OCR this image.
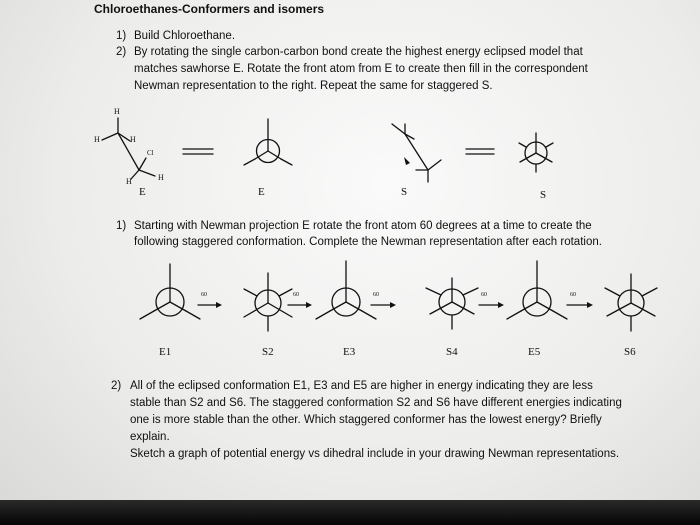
Chloroethanes-Conformers and isomers
1) Build Chloroethane.
2) By rotating the single carbon-carbon bond create the highest energy eclipsed model that
matches sawhorse E. Rotate the front atom from E to create then fill in the correspondent
Newman representation to the right. Repeat the same for staggered S.
H
H	H
Cl
H	H
E	E	S	S
1) Starting with Newman projection E rotate the front atom 60 degrees at a time to create the
following staggered conformation. Complete the Newman representation after each rotation.
60	60	60	60	60
E1	S2	E3	S4	E5	S6
2) All of the eclipsed conformation E1, E3 and E5 are higher in energy indicating they are less
stable than S2 and S6. The staggered conformation S2 and S6 have different energies indicating
one is more stable than the other. Which staggered conformer has the lowest energy? Briefly
explain.
Sketch a graph of potential energy vs dihedral include in your drawing Newman representations.
